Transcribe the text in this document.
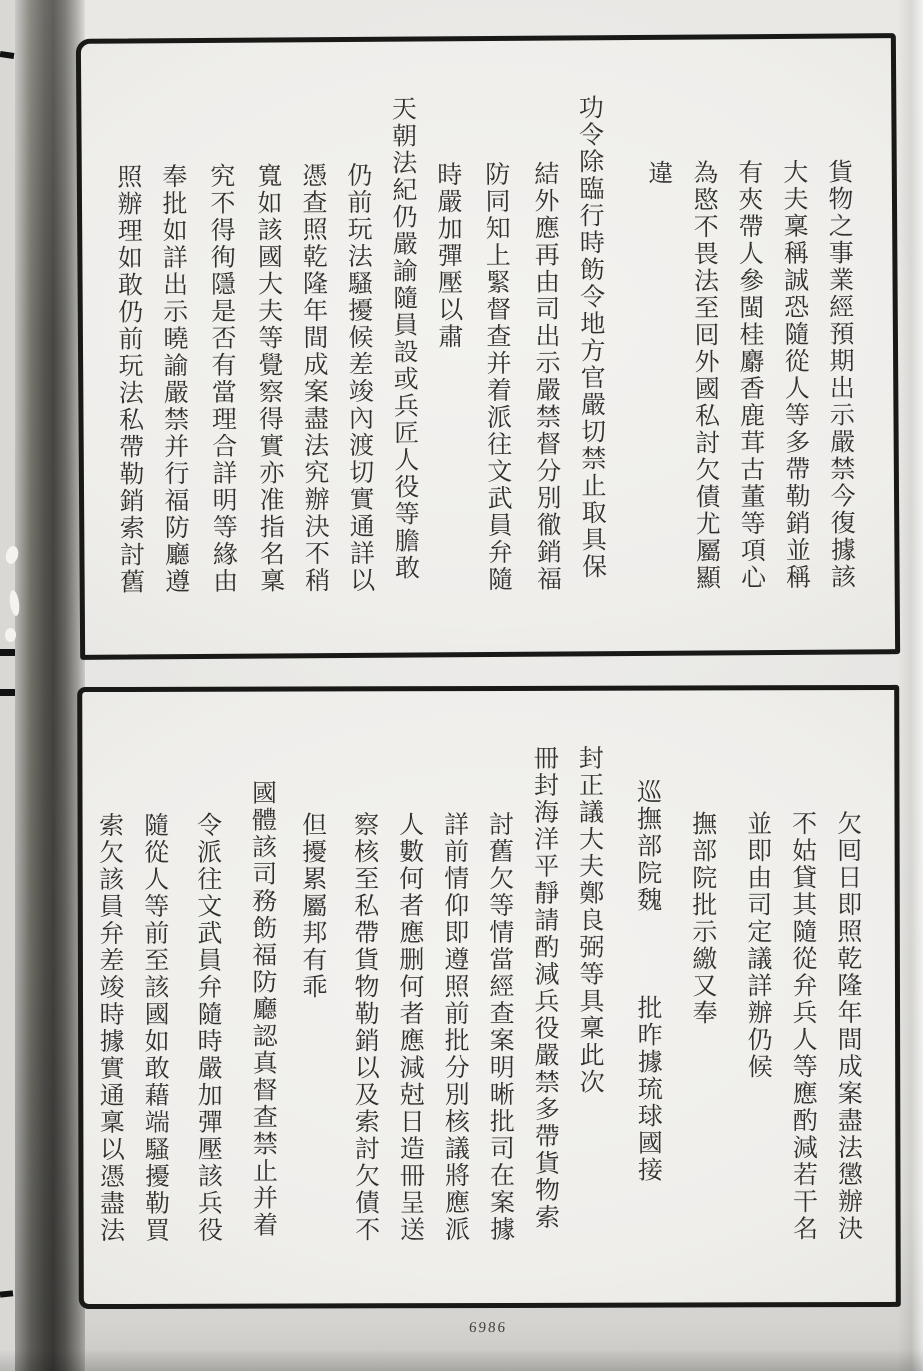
貨物之事業經預期出示嚴禁今復據該
大夫稟稱誠恐隨從人等多帶勒銷並稱
有夾帶人參閩桂麝香鹿茸古董等項心
為愍不畏法至囘外國私討欠債尤屬顯
違
功令除臨行時飭令地方官嚴切禁止取具保
結外應再由司出示嚴禁督分別徹銷福
防同知上緊督查并着派往文武員弁隨
時嚴加彈壓以肅
天朝法紀仍嚴諭隨員設或兵匠人役等膽敢
仍前玩法騷擾候差竣內渡切實通詳以
憑查照乾隆年間成案盡法究辦決不稍
寬如該國大夫等覺察得實亦准指名稟
究不得徇隱是否有當理合詳明等緣由
奉批如詳出示曉諭嚴禁并行福防廳遵
照辦理如敢仍前玩法私帶勒銷索討舊
欠囘日即照乾隆年間成案盡法懲辦決
不姑貸其隨從弁兵人等應酌減若干名
並即由司定議詳辦仍候
撫部院批示繳又奉
巡撫部院魏　　　批昨據琉球國接
封正議大夫鄭良弼等具稟此次
冊封海洋平靜請酌減兵役嚴禁多帶貨物索
討舊欠等情當經查案明晰批司在案據
詳前情仰即遵照前批分別核議將應派
人數何者應删何者應減尅日造冊呈送
察核至私帶貨物勒銷以及索討欠債不
但擾累屬邦有乖
國體該司務飭福防廳認真督查禁止并着
令派往文武員弁隨時嚴加彈壓該兵役
隨從人等前至該國如敢藉端騷擾勒買
索欠該員弁差竣時據實通稟以憑盡法
6986
